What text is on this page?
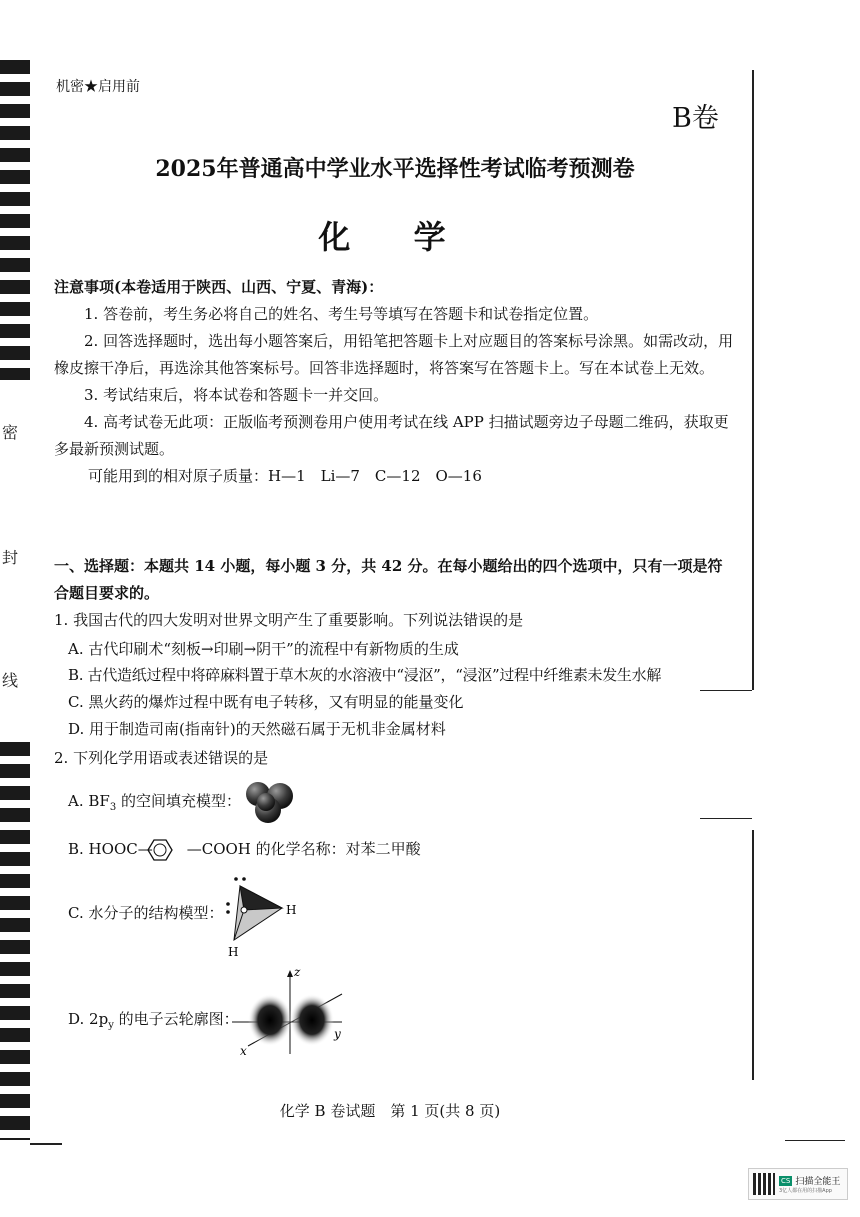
密
封
线
机密★启用前
B卷
2025年普通高中学业水平选择性考试临考预测卷
化 学

注意事项(本卷适用于陕西、山西、宁夏、青海)：

1. 答卷前，考生务必将自己的姓名、考生号等填写在答题卡和试卷指定位置。

2. 回答选择题时，选出每小题答案后，用铅笔把答题卡上对应题目的答案标号涂黑。如需改动，用橡皮擦干净后，再选涂其他答案标号。回答非选择题时，将答案写在答题卡上。写在本试卷上无效。

3. 考试结束后，将本试卷和答题卡一并交回。

4. 高考试卷无此项：正版临考预测卷用户使用考试在线 APP 扫描试题旁边子母题二维码，获取更多最新预测试题。

可能用到的相对原子质量：H—1　Li—7　C—12　O—16

一、选择题：本题共 14 小题，每小题 3 分，共 42 分。在每小题给出的四个选项中，只有一项是符合题目要求的。
1. 我国古代的四大发明对世界文明产生了重要影响。下列说法错误的是
A. 古代印刷术“刻板→印刷→阴干”的流程中有新物质的生成
B. 古代造纸过程中将碎麻料置于草木灰的水溶液中“浸沤”，“浸沤”过程中纤维素未发生水解
C. 黑火药的爆炸过程中既有电子转移，又有明显的能量变化
D. 用于制造司南(指南针)的天然磁石属于无机非金属材料
2. 下列化学用语或表述错误的是
A. $BF_3$ 的空间填充模型：
B. HOOC— —COOH 的化学名称：对苯二甲酸
C. 水分子的结构模型：	H
H
D. $2p_y$ 的电子云轮廓图：
z
y
x
化学 B 卷试题　第 1 页(共 8 页)
CS 扫描全能王
3亿人都在用的扫描App
